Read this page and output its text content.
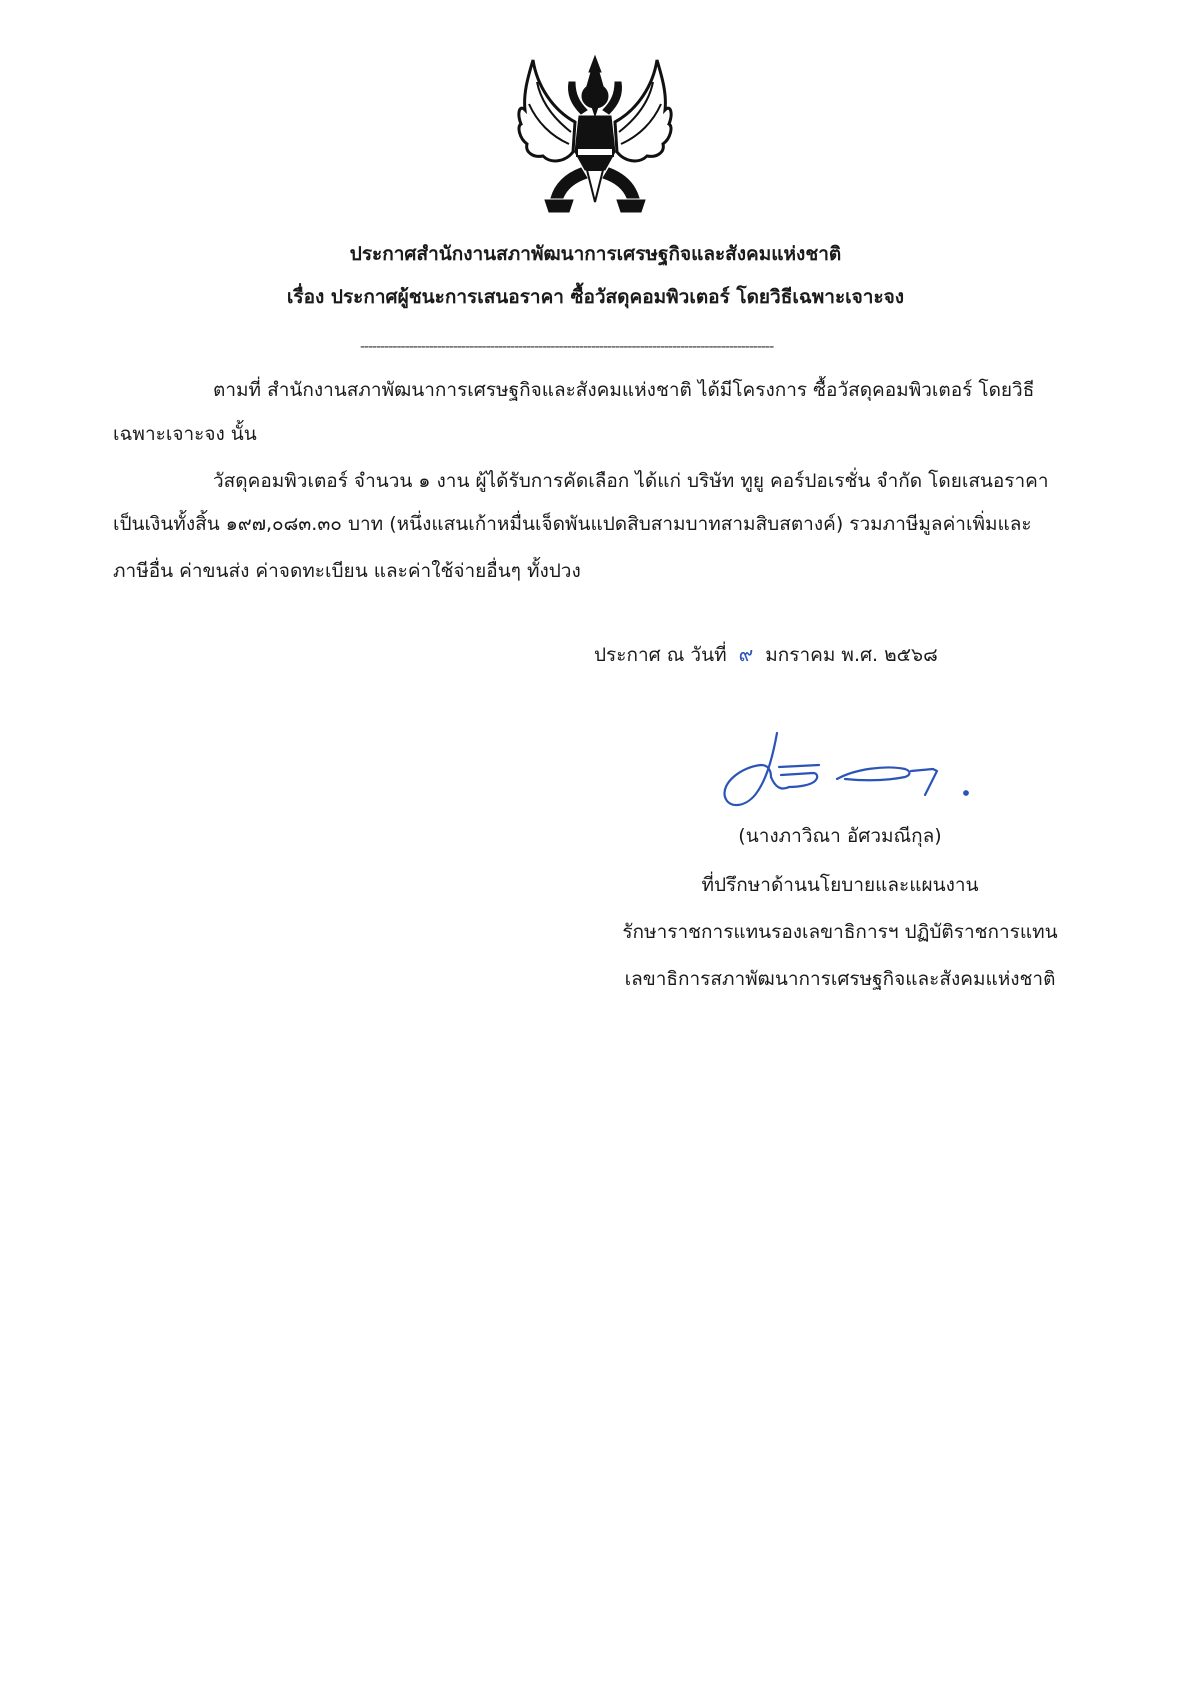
ประกาศสำนักงานสภาพัฒนาการเศรษฐกิจและสังคมแห่งชาติ
เรื่อง ประกาศผู้ชนะการเสนอราคา ซื้อวัสดุคอมพิวเตอร์ โดยวิธีเฉพาะเจาะจง
------------------------------------------------------------------------------------------------------
ตามที่ สำนักงานสภาพัฒนาการเศรษฐกิจและสังคมแห่งชาติ ได้มีโครงการ ซื้อวัสดุคอมพิวเตอร์ โดยวิธี
เฉพาะเจาะจง นั้น
วัสดุคอมพิวเตอร์ จำนวน ๑ งาน ผู้ได้รับการคัดเลือก ได้แก่ บริษัท ทูยู คอร์ปอเรชั่น จำกัด โดยเสนอราคา
เป็นเงินทั้งสิ้น ๑๙๗,๐๘๓.๓๐ บาท (หนึ่งแสนเก้าหมื่นเจ็ดพันแปดสิบสามบาทสามสิบสตางค์) รวมภาษีมูลค่าเพิ่มและ
ภาษีอื่น ค่าขนส่ง ค่าจดทะเบียน และค่าใช้จ่ายอื่นๆ ทั้งปวง
ประกาศ ณ วันที่ ๙ มกราคม พ.ศ. ๒๕๖๘
(นางภาวิณา อัศวมณีกุล)
ที่ปรึกษาด้านนโยบายและแผนงาน
รักษาราชการแทนรองเลขาธิการฯ ปฏิบัติราชการแทน
เลขาธิการสภาพัฒนาการเศรษฐกิจและสังคมแห่งชาติ
